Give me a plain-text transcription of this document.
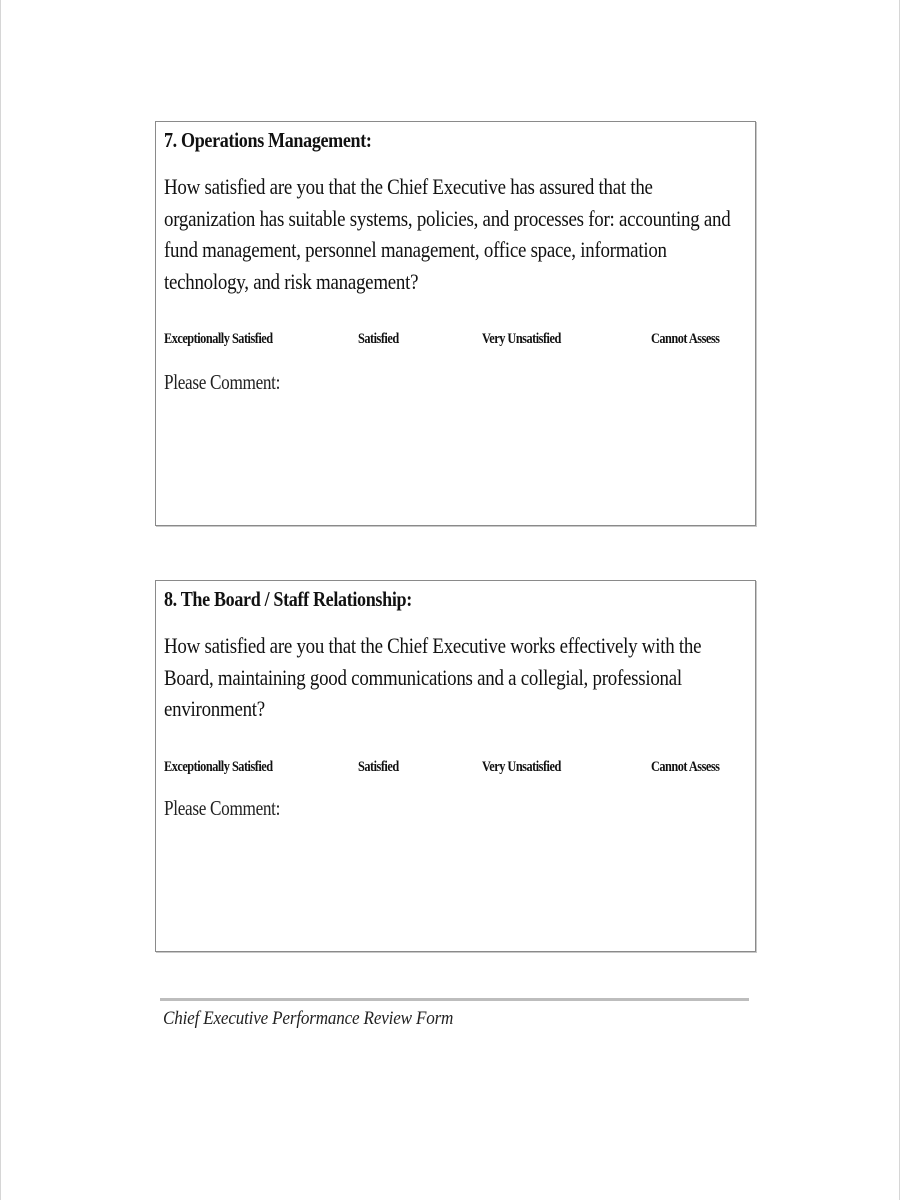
7. Operations Management:
How satisfied are you that the Chief Executive has assured that the
organization has suitable systems, policies, and processes for: accounting and
fund management, personnel management, office space, information
technology, and risk management?
Exceptionally Satisfied	Satisfied	Very Unsatisfied	Cannot Assess
Please Comment:
8. The Board / Staff Relationship:
How satisfied are you that the Chief Executive works effectively with the
Board, maintaining good communications and a collegial, professional
environment?
Exceptionally Satisfied	Satisfied	Very Unsatisfied	Cannot Assess
Please Comment:
Chief Executive Performance Review Form
